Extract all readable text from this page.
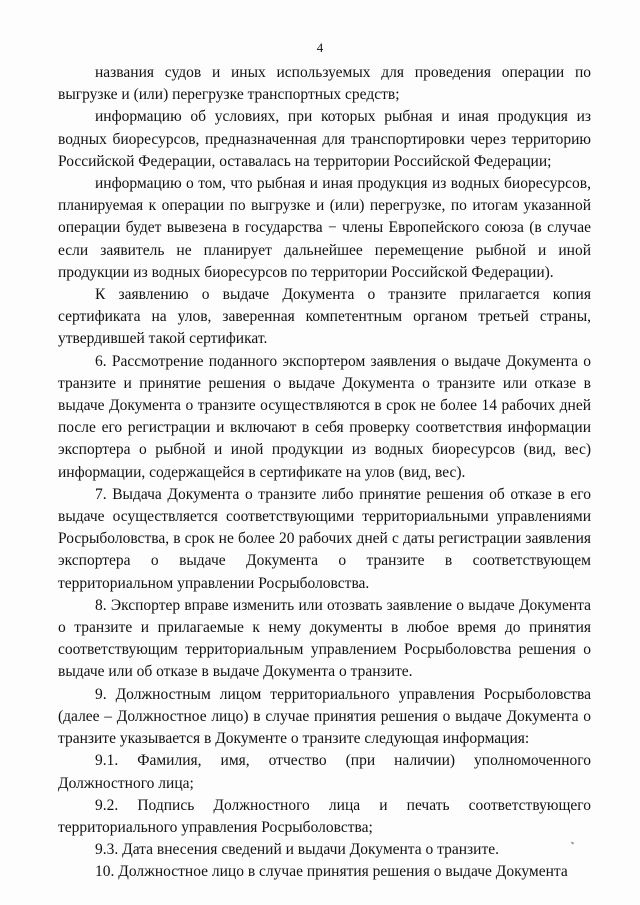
4

названия судов и иных используемых для проведения операции по выгрузке и (или) перегрузке транспортных средств;

информацию об условиях, при которых рыбная и иная продукция из водных биоресурсов, предназначенная для транспортировки через территорию Российской Федерации, оставалась на территории Российской Федерации;

информацию о том, что рыбная и иная продукция из водных биоресурсов, планируемая к операции по выгрузке и (или) перегрузке, по итогам указанной операции будет вывезена в государства − члены Европейского союза (в случае если заявитель не планирует дальнейшее перемещение рыбной и иной продукции из водных биоресурсов по территории Российской Федерации).

К заявлению о выдаче Документа о транзите прилагается копия сертификата на улов, заверенная компетентным органом третьей страны, утвердившей такой сертификат.

6. Рассмотрение поданного экспортером заявления о выдаче Документа о транзите и принятие решения о выдаче Документа о транзите или отказе в выдаче Документа о транзите осуществляются в срок не более 14 рабочих дней после его регистрации и включают в себя проверку соответствия информации экспортера о рыбной и иной продукции из водных биоресурсов (вид, вес) информации, содержащейся в сертификате на улов (вид, вес).

7. Выдача Документа о транзите либо принятие решения об отказе в его выдаче осуществляется соответствующими территориальными управлениями Росрыболовства, в срок не более 20 рабочих дней с даты регистрации заявления экспортера о выдаче Документа о транзите в соответствующем территориальном управлении Росрыболовства.

8. Экспортер вправе изменить или отозвать заявление о выдаче Документа о транзите и прилагаемые к нему документы в любое время до принятия соответствующим территориальным управлением Росрыболовства решения о выдаче или об отказе в выдаче Документа о транзите.

9. Должностным лицом территориального управления Росрыболовства (далее – Должностное лицо) в случае принятия решения о выдаче Документа о транзите указывается в Документе о транзите следующая информация:

9.1. Фамилия, имя, отчество (при наличии) уполномоченного Должностного лица;

9.2. Подпись Должностного лица и печать соответствующего территориального управления Росрыболовства;

9.3. Дата внесения сведений и выдачи Документа о транзите.

10. Должностное лицо в случае принятия решения о выдаче Документа
